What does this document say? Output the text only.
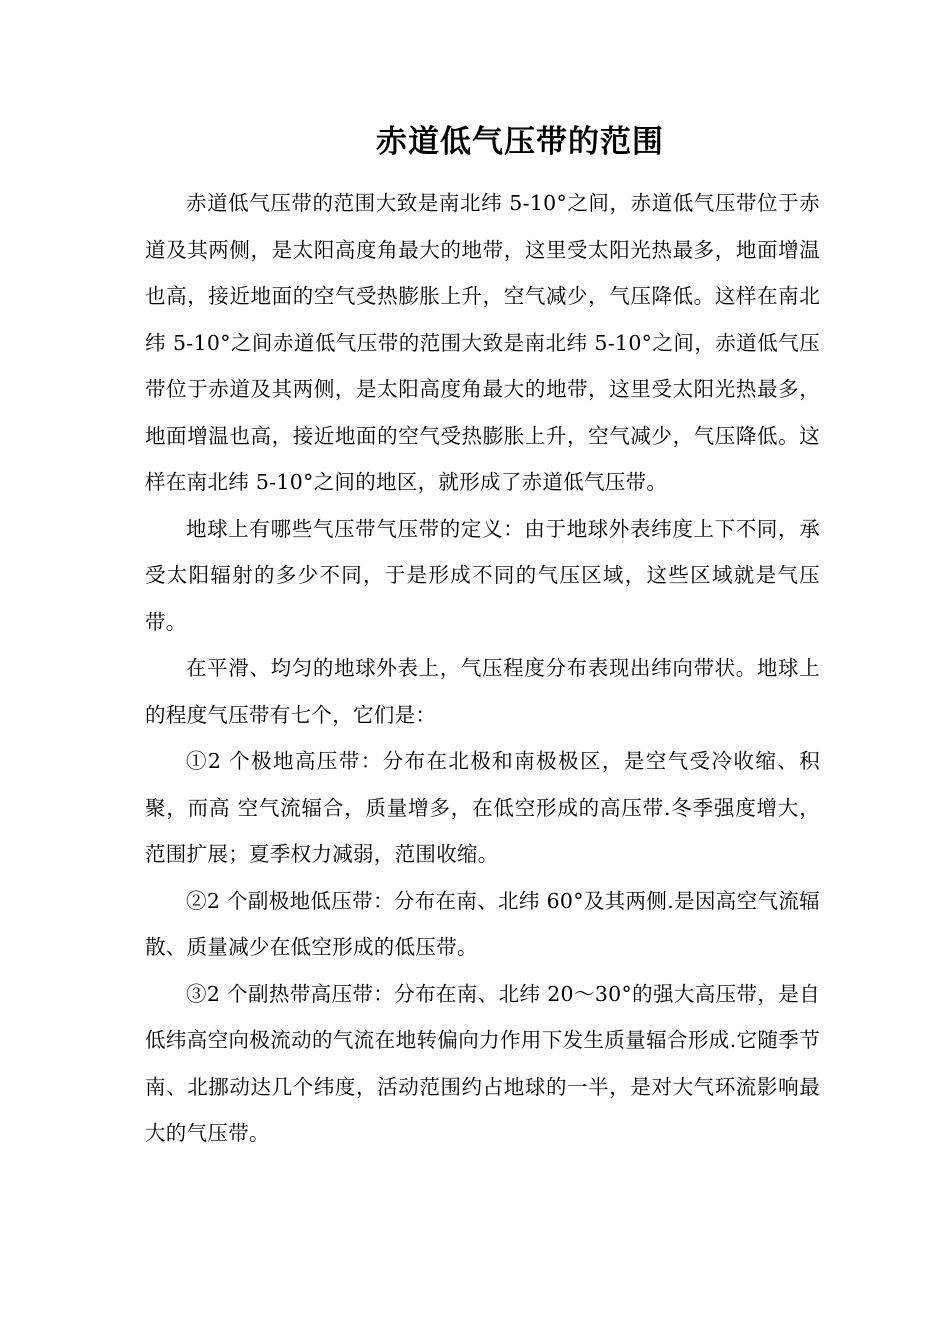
赤道低气压带的范围

赤道低气压带的范围大致是南北纬 5-10°之间，赤道低气压带位于赤道及其两侧，是太阳高度角最大的地带，这里受太阳光热最多，地面增温也高，接近地面的空气受热膨胀上升，空气减少，气压降低。这样在南北纬 5-10°之间赤道低气压带的范围大致是南北纬 5-10°之间，赤道低气压带位于赤道及其两侧，是太阳高度角最大的地带，这里受太阳光热最多，地面增温也高，接近地面的空气受热膨胀上升，空气减少，气压降低。这样在南北纬 5-10°之间的地区，就形成了赤道低气压带。

地球上有哪些气压带气压带的定义：由于地球外表纬度上下不同，承受太阳辐射的多少不同，于是形成不同的气压区域，这些区域就是气压带。

在平滑、均匀的地球外表上，气压程度分布表现出纬向带状。地球上的程度气压带有七个，它们是：

①2 个极地高压带：分布在北极和南极极区，是空气受冷收缩、积聚，而高 空气流辐合，质量增多，在低空形成的高压带.冬季强度增大，范围扩展；夏季权力减弱，范围收缩。

②2 个副极地低压带：分布在南、北纬 60°及其两侧.是因高空气流辐散、质量减少在低空形成的低压带。

③2 个副热带高压带：分布在南、北纬 20～30°的强大高压带，是自低纬高空向极流动的气流在地转偏向力作用下发生质量辐合形成.它随季节南、北挪动达几个纬度，活动范围约占地球的一半，是对大气环流影响最大的气压带。
